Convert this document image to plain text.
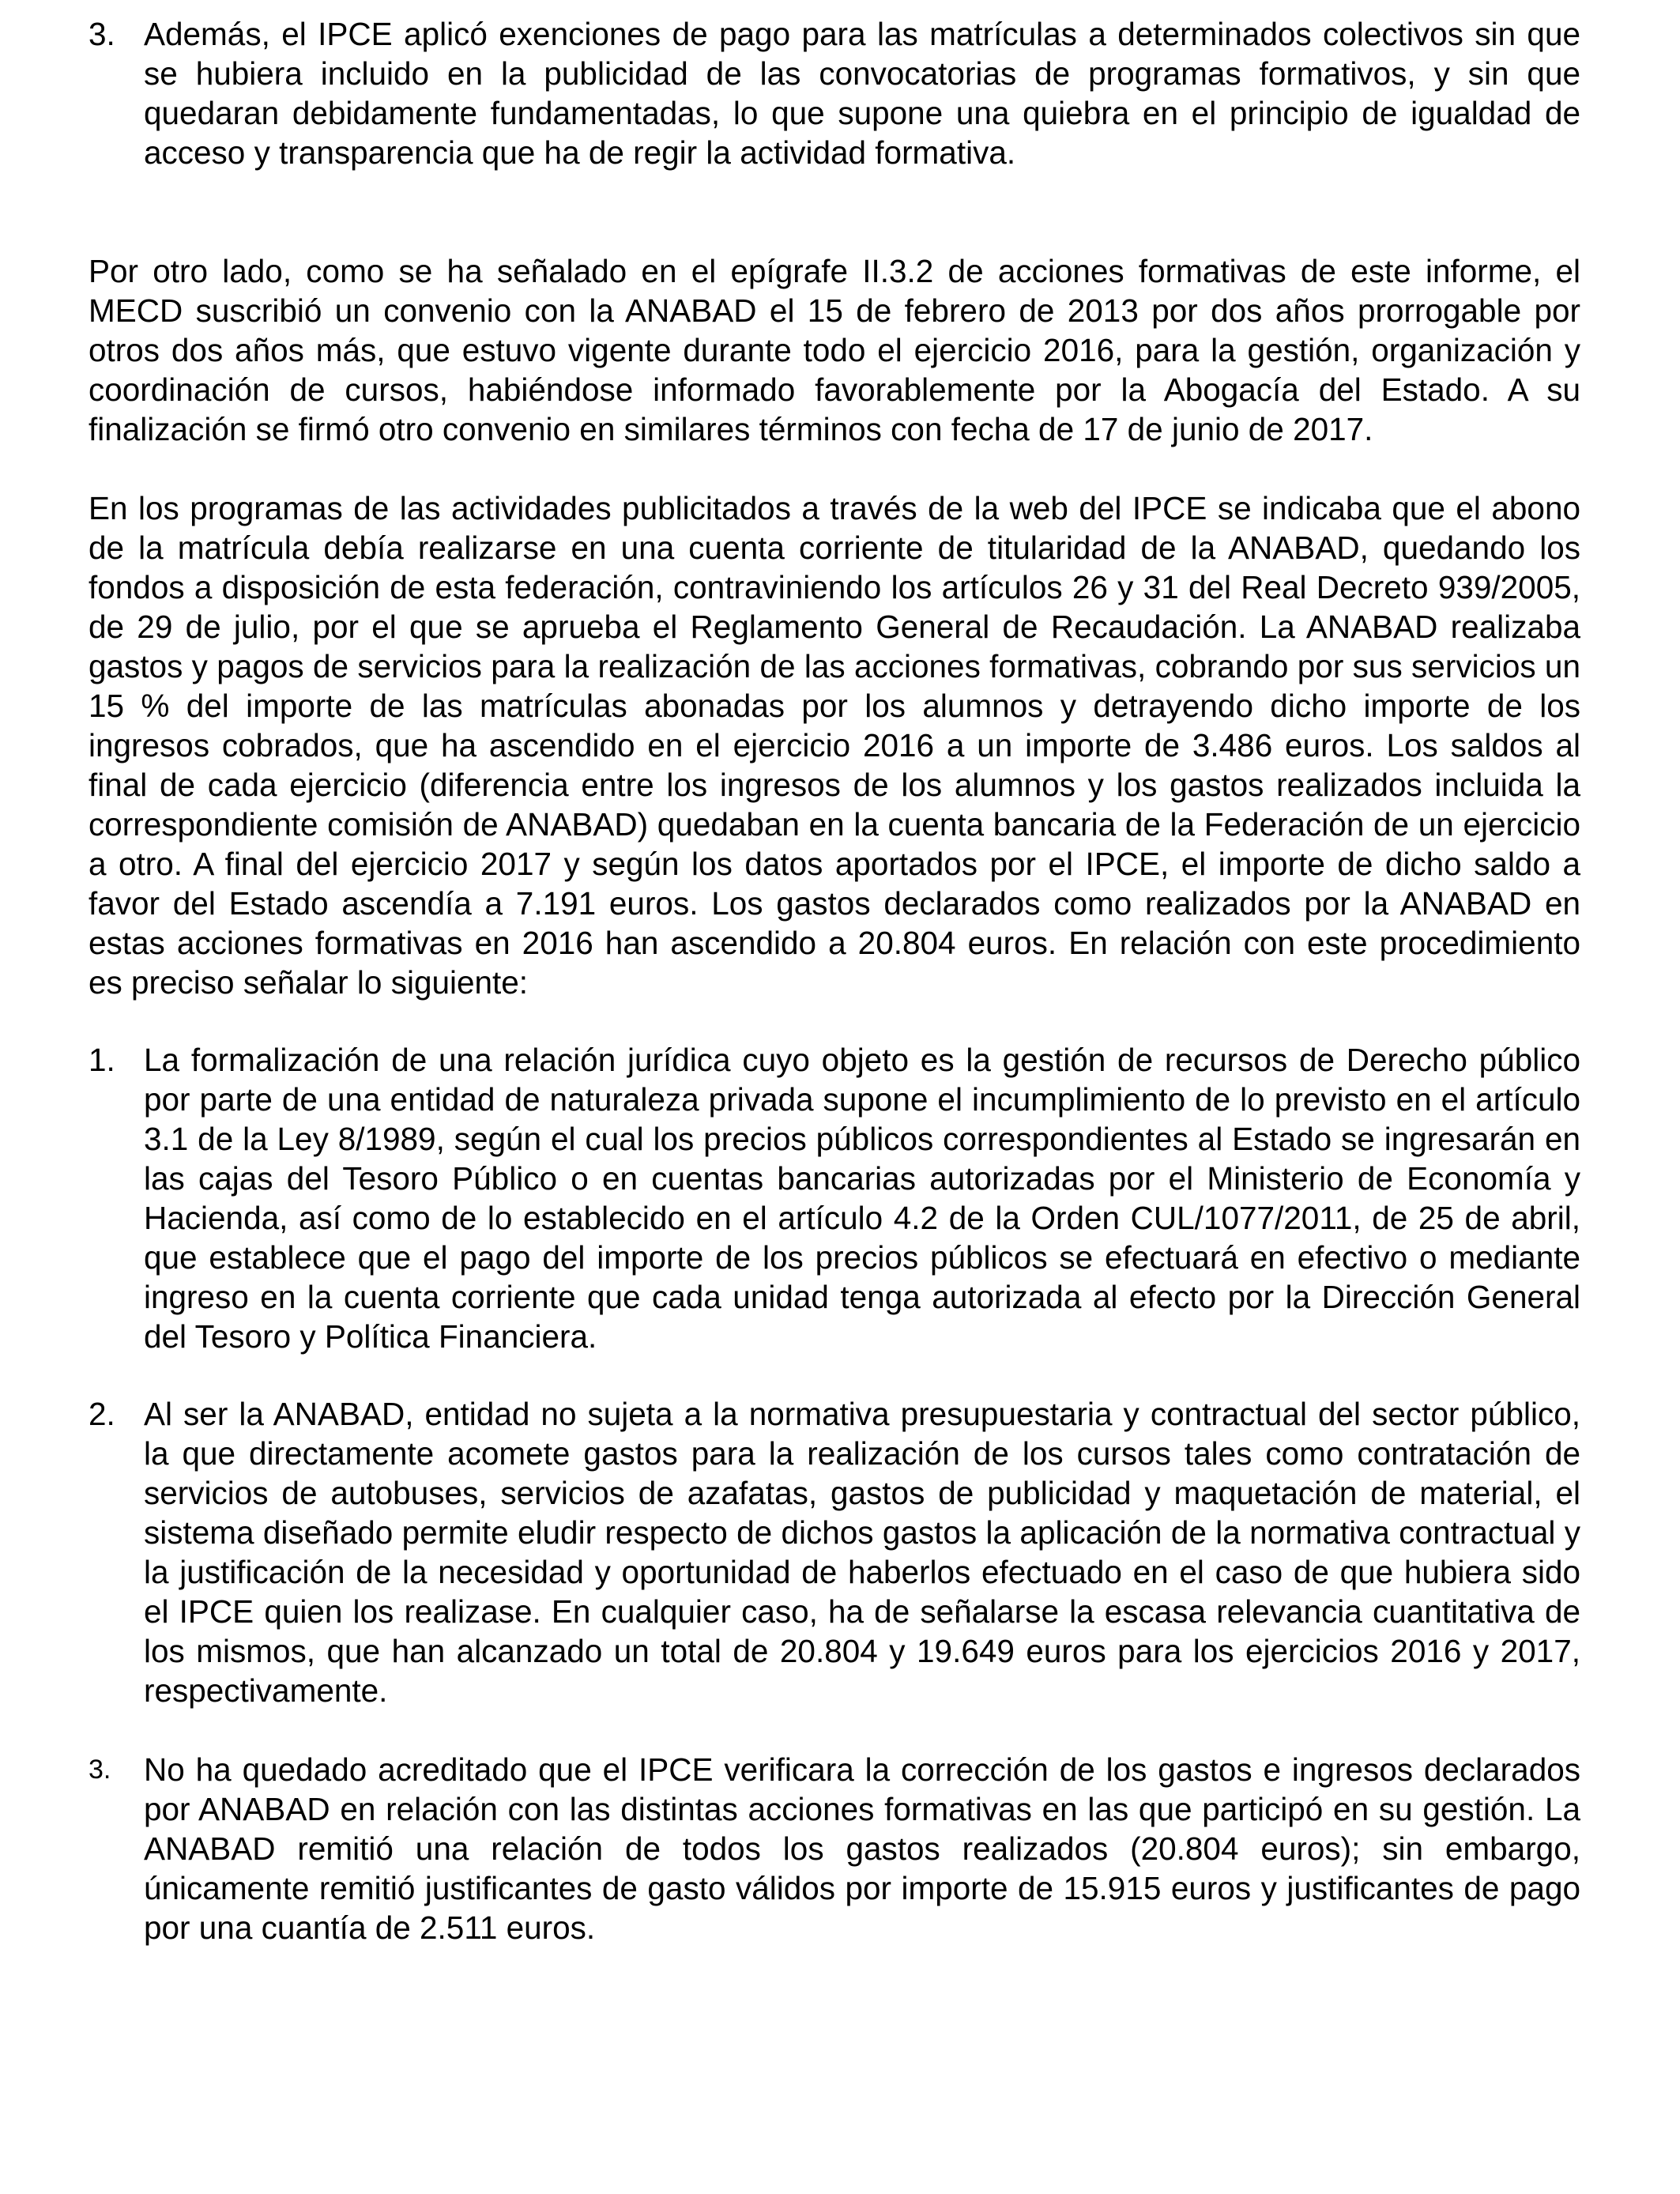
3. Además, el IPCE aplicó exenciones de pago para las matrículas a determinados colectivos sin que se hubiera incluido en la publicidad de las convocatorias de programas formativos, y sin que quedaran debidamente fundamentadas, lo que supone una quiebra en el principio de igualdad de acceso y transparencia que ha de regir la actividad formativa.

Por otro lado, como se ha señalado en el epígrafe II.3.2 de acciones formativas de este informe, el MECD suscribió un convenio con la ANABAD el 15 de febrero de 2013 por dos años prorrogable por otros dos años más, que estuvo vigente durante todo el ejercicio 2016, para la gestión, organización y coordinación de cursos, habiéndose informado favorablemente por la Abogacía del Estado. A su finalización se firmó otro convenio en similares términos con fecha de 17 de junio de 2017.

En los programas de las actividades publicitados a través de la web del IPCE se indicaba que el abono de la matrícula debía realizarse en una cuenta corriente de titularidad de la ANABAD, quedando los fondos a disposición de esta federación, contraviniendo los artículos 26 y 31 del Real Decreto 939/2005, de 29 de julio, por el que se aprueba el Reglamento General de Recaudación. La ANABAD realizaba gastos y pagos de servicios para la realización de las acciones formativas, cobrando por sus servicios un 15 % del importe de las matrículas abonadas por los alumnos y detrayendo dicho importe de los ingresos cobrados, que ha ascendido en el ejercicio 2016 a un importe de 3.486 euros. Los saldos al final de cada ejercicio (diferencia entre los ingresos de los alumnos y los gastos realizados incluida la correspondiente comisión de ANABAD) quedaban en la cuenta bancaria de la Federación de un ejercicio a otro. A final del ejercicio 2017 y según los datos aportados por el IPCE, el importe de dicho saldo a favor del Estado ascendía a 7.191 euros. Los gastos declarados como realizados por la ANABAD en estas acciones formativas en 2016 han ascendido a 20.804 euros. En relación con este procedimiento es preciso señalar lo siguiente:

1. La formalización de una relación jurídica cuyo objeto es la gestión de recursos de Derecho público por parte de una entidad de naturaleza privada supone el incumplimiento de lo previsto en el artículo 3.1 de la Ley 8/1989, según el cual los precios públicos correspondientes al Estado se ingresarán en las cajas del Tesoro Público o en cuentas bancarias autorizadas por el Ministerio de Economía y Hacienda, así como de lo establecido en el artículo 4.2 de la Orden CUL/1077/2011, de 25 de abril, que establece que el pago del importe de los precios públicos se efectuará en efectivo o mediante ingreso en la cuenta corriente que cada unidad tenga autorizada al efecto por la Dirección General del Tesoro y Política Financiera.

2. Al ser la ANABAD, entidad no sujeta a la normativa presupuestaria y contractual del sector público, la que directamente acomete gastos para la realización de los cursos tales como contratación de servicios de autobuses, servicios de azafatas, gastos de publicidad y maquetación de material, el sistema diseñado permite eludir respecto de dichos gastos la aplicación de la normativa contractual y la justificación de la necesidad y oportunidad de haberlos efectuado en el caso de que hubiera sido el IPCE quien los realizase. En cualquier caso, ha de señalarse la escasa relevancia cuantitativa de los mismos, que han alcanzado un total de 20.804 y 19.649 euros para los ejercicios 2016 y 2017, respectivamente.

3.	No ha quedado acreditado que el IPCE verificara la corrección de los gastos e ingresos declarados por ANABAD en relación con las distintas acciones formativas en las que participó en su gestión. La ANABAD remitió una relación de todos los gastos realizados (20.804 euros); sin embargo, únicamente remitió justificantes de gasto válidos por importe de 15.915 euros y justificantes de pago por una cuantía de 2.511 euros.
